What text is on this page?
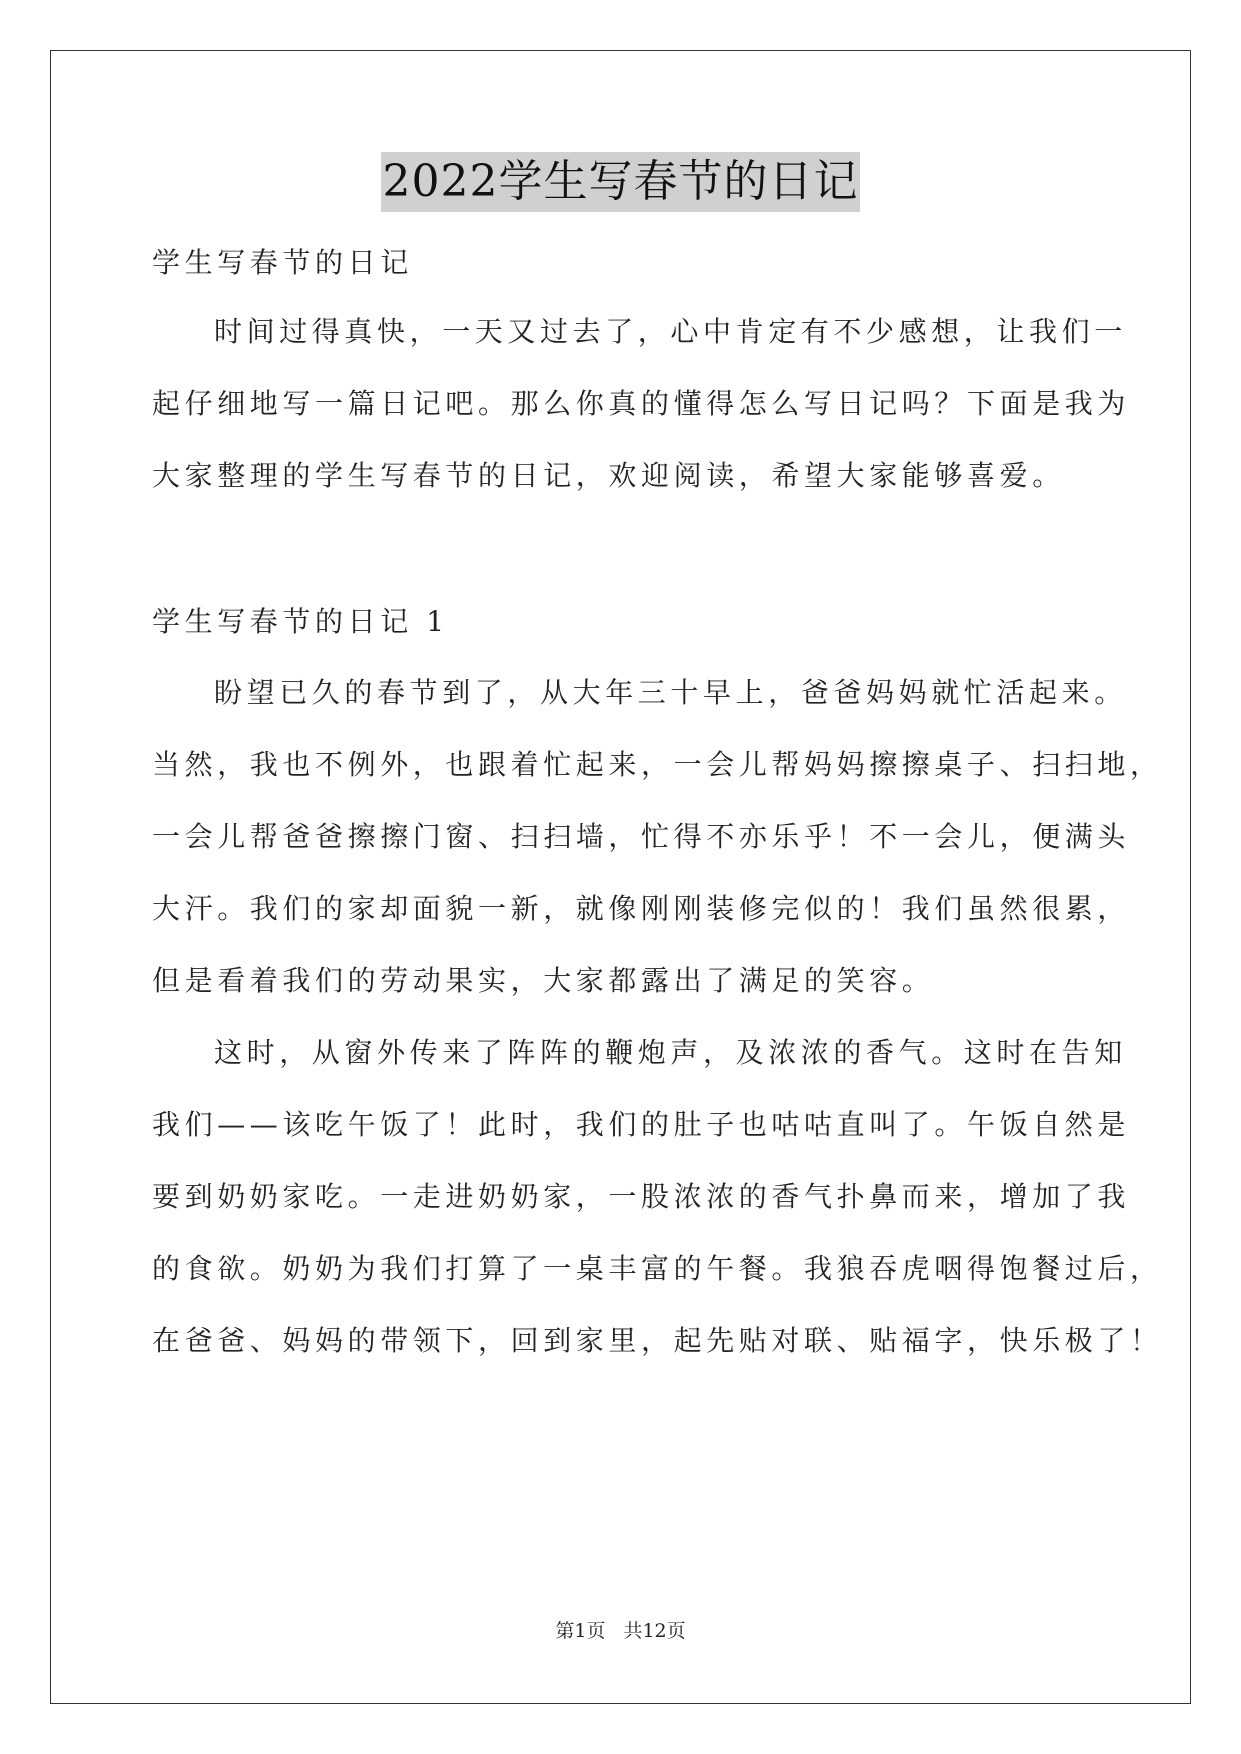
2022学生写春节的日记
学生写春节的日记
时间过得真快，一天又过去了，心中肯定有不少感想，让我们一
起仔细地写一篇日记吧。那么你真的懂得怎么写日记吗？下面是我为
大家整理的学生写春节的日记，欢迎阅读，希望大家能够喜爱。
学生写春节的日记 1
盼望已久的春节到了，从大年三十早上，爸爸妈妈就忙活起来。
当然，我也不例外，也跟着忙起来，一会儿帮妈妈擦擦桌子、扫扫地，
一会儿帮爸爸擦擦门窗、扫扫墙，忙得不亦乐乎！不一会儿，便满头
大汗。我们的家却面貌一新，就像刚刚装修完似的！我们虽然很累，
但是看着我们的劳动果实，大家都露出了满足的笑容。
这时，从窗外传来了阵阵的鞭炮声，及浓浓的香气。这时在告知
我们——该吃午饭了！此时，我们的肚子也咕咕直叫了。午饭自然是
要到奶奶家吃。一走进奶奶家，一股浓浓的香气扑鼻而来，增加了我
的食欲。奶奶为我们打算了一桌丰富的午餐。我狼吞虎咽得饱餐过后，
在爸爸、妈妈的带领下，回到家里，起先贴对联、贴福字，快乐极了！
第1页 共12页
